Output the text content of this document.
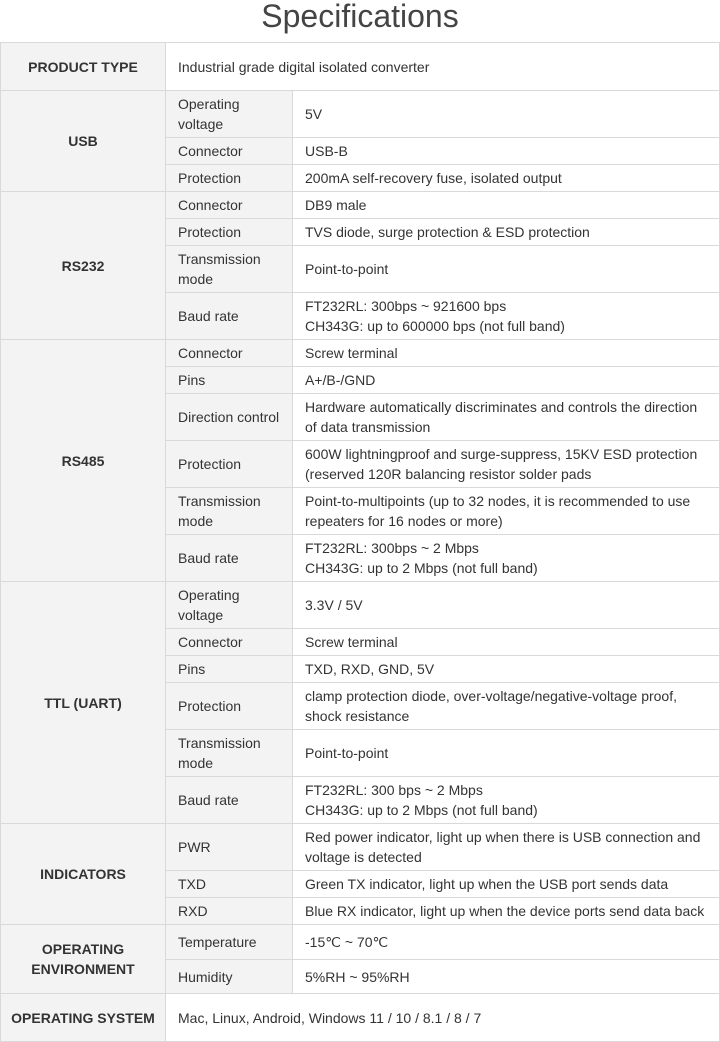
Specifications
PRODUCT TYPE	Industrial grade digital isolated converter	
USB	Operating voltage	5V
	Connector	USB-B
	Protection	200mA self-recovery fuse, isolated output
RS232	Connector	DB9 male
	Protection	TVS diode, surge protection & ESD protection
	Transmission mode	Point-to-point
	Baud rate	FT232RL: 300bps ~ 921600 bps
CH343G: up to 600000 bps (not full band)

RS485	Connector	Screw terminal
	Pins	A+/B-/GND
	Direction control	Hardware automatically discriminates and controls the direction of data transmission
	Protection	600W lightningproof and surge-suppress, 15KV ESD protection (reserved 120R balancing resistor solder pads
	Transmission mode	Point-to-multipoints (up to 32 nodes, it is recommended to use repeaters for 16 nodes or more)
	Baud rate	FT232RL: 300bps ~ 2 Mbps
CH343G: up to 2 Mbps (not full band)

TTL (UART)	Operating voltage	3.3V / 5V
	Connector	Screw terminal
	Pins	TXD, RXD, GND, 5V
	Protection	clamp protection diode, over-voltage/negative-voltage proof, shock resistance
	Transmission mode	Point-to-point
	Baud rate	FT232RL: 300 bps ~ 2 Mbps
CH343G: up to 2 Mbps (not full band)

INDICATORS	PWR	Red power indicator, light up when there is USB connection and voltage is detected
	TXD	Green TX indicator, light up when the USB port sends data
	RXD	Blue RX indicator, light up when the device ports send data back
OPERATING ENVIRONMENT	Temperature	-15℃ ~ 70℃
	Humidity	5%RH ~ 95%RH
OPERATING SYSTEM	Mac, Linux, Android, Windows 11 / 10 / 8.1 / 8 / 7	
